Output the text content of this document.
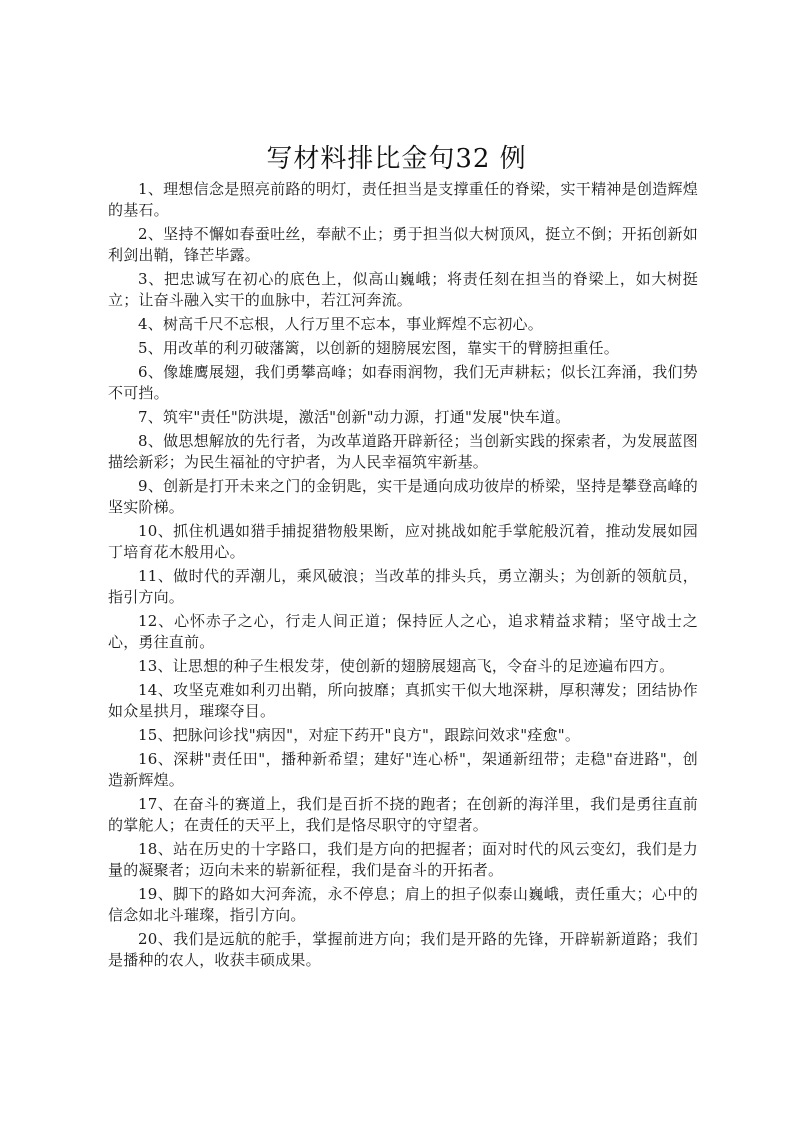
写材料排比金句32 例

1、理想信念是照亮前路的明灯，责任担当是支撑重任的脊梁，实干精神是创造辉煌的基石。

2、坚持不懈如春蚕吐丝，奉献不止；勇于担当似大树顶风，挺立不倒；开拓创新如利剑出鞘，锋芒毕露。

3、把忠诚写在初心的底色上，似高山巍峨；将责任刻在担当的脊梁上，如大树挺立；让奋斗融入实干的血脉中，若江河奔流。

4、树高千尺不忘根，人行万里不忘本，事业辉煌不忘初心。

5、用改革的利刃破藩篱，以创新的翅膀展宏图，靠实干的臂膀担重任。

6、像雄鹰展翅，我们勇攀高峰；如春雨润物，我们无声耕耘；似长江奔涌，我们势不可挡。

7、筑牢"责任"防洪堤，激活"创新"动力源，打通"发展"快车道。

8、做思想解放的先行者，为改革道路开辟新径；当创新实践的探索者，为发展蓝图描绘新彩；为民生福祉的守护者，为人民幸福筑牢新基。

9、创新是打开未来之门的金钥匙，实干是通向成功彼岸的桥梁，坚持是攀登高峰的坚实阶梯。

10、抓住机遇如猎手捕捉猎物般果断，应对挑战如舵手掌舵般沉着，推动发展如园丁培育花木般用心。

11、做时代的弄潮儿，乘风破浪；当改革的排头兵，勇立潮头；为创新的领航员，指引方向。

12、心怀赤子之心，行走人间正道；保持匠人之心，追求精益求精；坚守战士之心，勇往直前。

13、让思想的种子生根发芽，使创新的翅膀展翅高飞，令奋斗的足迹遍布四方。

14、攻坚克难如利刃出鞘，所向披靡；真抓实干似大地深耕，厚积薄发；团结协作如众星拱月，璀璨夺目。

15、把脉问诊找"病因"，对症下药开"良方"，跟踪问效求"痊愈"。

16、深耕"责任田"，播种新希望；建好"连心桥"，架通新纽带；走稳"奋进路"，创造新辉煌。

17、在奋斗的赛道上，我们是百折不挠的跑者；在创新的海洋里，我们是勇往直前的掌舵人；在责任的天平上，我们是恪尽职守的守望者。

18、站在历史的十字路口，我们是方向的把握者；面对时代的风云变幻，我们是力量的凝聚者；迈向未来的崭新征程，我们是奋斗的开拓者。

19、脚下的路如大河奔流，永不停息；肩上的担子似泰山巍峨，责任重大；心中的信念如北斗璀璨，指引方向。

20、我们是远航的舵手，掌握前进方向；我们是开路的先锋，开辟崭新道路；我们是播种的农人，收获丰硕成果。
